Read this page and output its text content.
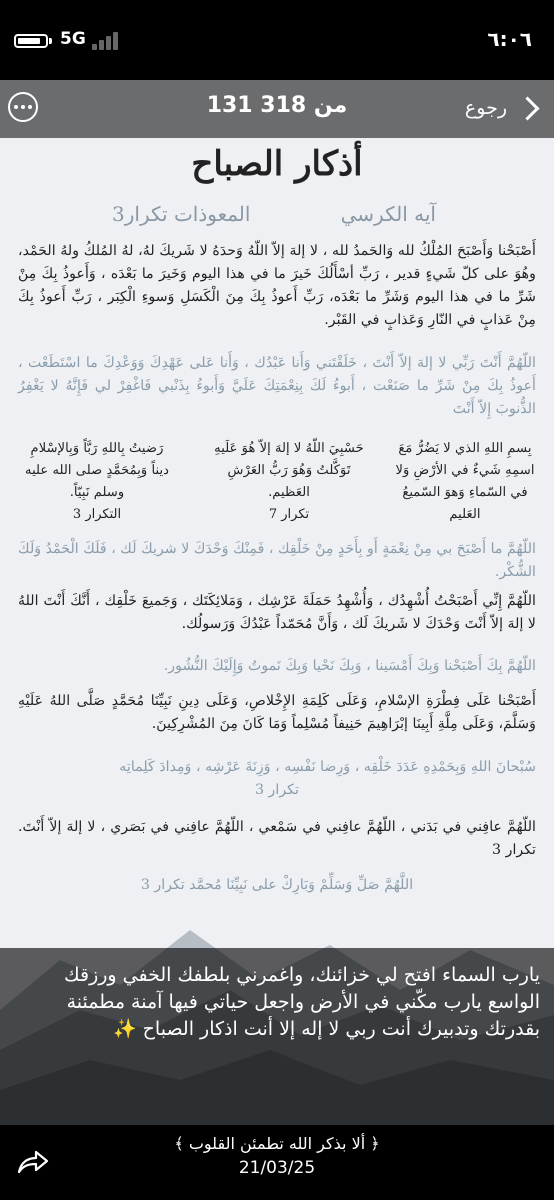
5G	٦:٠٦
أذكار الصباح
آيه الكرسي
المعوذات تكرار3
أَصْبَحْنا وَأَصْبَحَ المُلْكُ لله وَالحَمدُ لله ، لا إلهَ إلاّ اللّهُ وَحدَهُ لا شَريكَ لهُ، لهُ المُلكُ ولهُ الحَمْد، وهُوَ على كلّ شَيءٍ قدير ، رَبِّ أسْأَلُكَ خَيرَ ما في هذا اليوم وَخَيرَ ما بَعْدَه ، وَأَعوذُ بِكَ مِنْ شَرِّ ما في هذا اليوم وَشَرِّ ما بَعْدَه، رَبِّ أَعوذُ بِكَ مِنَ الْكَسَلِ وَسوءِ الْكِبَر ، رَبِّ أَعوذُ بِكَ مِنْ عَذابٍ في النّارِ وَعَذابٍ في القَبْر.
اللّهُمَّ أَنْتَ رَبِّي لا إلهَ إلاّ أَنْتَ ، خَلَقْتَني وَأَنا عَبْدُك ، وَأَنا عَلى عَهْدِكَ وَوَعْدِكَ ما اسْتَطَعْت ، أَعوذُ بِكَ مِنْ شَرِّ ما صَنَعْت ، أَبوءُ لَكَ بِنِعْمَتِكَ عَلَيَّ وَأَبوءُ بِذَنْبي فَاغْفِرْ لي فَإِنَّهُ لا يَغْفِرُ الذُّنوبَ إِلاّ أَنْتَ
بِسمِ اللهِ الذي لا يَضُرُّ مَعَ اسمِهِ شَيءٌ في الأرْضِ وَلا في السّماءِ وَهوَ السّميعُ العَليم
حَسْبِيَ اللّهُ لا إلهَ إلاّ هُوَ عَلَيهِ تَوَكَّلتُ وَهُوَ رَبُّ العَرْشِ العَظيم.
تكرار 7
رَضيتُ بِاللهِ رَبَّاً وَبِالإسْلامِ ديناً وَبِمُحَمَّدٍ صلى الله عليه وسلم نَبِيّاً.
التكرار 3
اللّهُمَّ ما أَصْبَحَ بي مِنْ نِعْمَةٍ أَو بِأَحَدٍ مِنْ خَلْقِك ، فَمِنْكَ وَحْدَكَ لا شريكَ لَك ، فَلَكَ الْحَمْدُ وَلَكَ الشُّكْر.
اللّهُمَّ إِنِّي أَصْبَحْتُ أُشْهِدُك ، وَأُشْهِدُ حَمَلَةَ عَرْشِك ، وَمَلائِكَتَك ، وَجَميعَ خَلْقِك ، أَنَّكَ أَنْتَ اللهُ لا إلهَ إلاّ أَنْتَ وَحْدَكَ لا شَريكَ لَك ، وَأَنَّ مُحَمّداً عَبْدُكَ وَرَسولُك.
اللّهُمَّ بِكَ أَصْبَحْنا وَبِكَ أَمْسَينا ، وَبِكَ نَحْيا وَبِكَ نَموتُ وَإِلَيْكَ النُّشُور.
أَصْبَحْنا عَلَى فِطْرَةِ الإسْلامِ، وَعَلَى كَلِمَةِ الإِخْلاصِ، وَعَلَى دِينِ نَبِيِّنَا مُحَمَّدٍ صَلَّى اللهُ عَلَيْهِ وَسَلَّمَ، وَعَلَى مِلَّةِ أَبِينَا إبْرَاهِيمَ حَنِيفاً مُسْلِماً وَمَا كَانَ مِنَ المُشْرِكِينَ.
سُبْحانَ اللهِ وَبِحَمْدِهِ عَدَدَ خَلْقِه ، وَرِضا نَفْسِه ، وَزِنَةَ عَرْشِه ، وَمِدادَ كَلِماتِه
تكرار 3
اللّهُمَّ عافِني في بَدَني ، اللّهُمَّ عافِني في سَمْعي ، اللّهُمَّ عافِني في بَصَري ، لا إلهَ إلاّ أَنْتَ. تكرار 3
اللَّهُمَّ صَلِّ وَسَلِّمْ وَبَارِكْ على نَبِيِّنَا مُحمَّد تكرار 3
رجوع
131 من 318
يارب السماء افتح لي خزائنك، واغمرني بلطفك الخفي ورزقك الواسع يارب مكّني في الأرض واجعل حياتي فيها آمنة مطمئنة بقدرتك وتدبيرك أنت ربي لا إله إلا أنت اذكار الصباح ✨
﴿ ألا بذكر الله تطمئن القلوب ﴾
21/03/25
